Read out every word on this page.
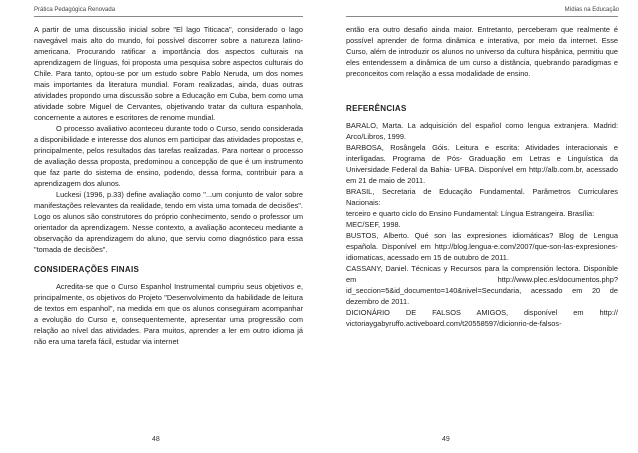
Prática Pedagógica Renovada

A partir de uma discussão inicial sobre "El lago Titicaca", considerado o lago navegável mais alto do mundo, foi possível discorrer sobre a natureza latino-americana. Procurando ratificar a importância dos aspectos culturais na aprendizagem de línguas, foi proposta uma pesquisa sobre aspectos culturais do Chile. Para tanto, optou-se por um estudo sobre Pablo Neruda, um dos nomes mais importantes da literatura mundial. Foram realizadas, ainda, duas outras atividades propondo uma discussão sobre a Educação em Cuba, bem como uma atividade sobre Miguel de Cervantes, objetivando tratar da cultura espanhola, concernente a autores e escritores de renome mundial.

O processo avaliativo aconteceu durante todo o Curso, sendo considerada a disponibilidade e interesse dos alunos em participar das atividades propostas e, principalmente, pelos resultados das tarefas realizadas. Para nortear o processo de avaliação dessa proposta, predominou a concepção de que é um instrumento que faz parte do sistema de ensino, podendo, dessa forma, contribuir para a aprendizagem dos alunos.

Luckesi (1996, p.33) define avaliação como "...um conjunto de valor sobre manifestações relevantes da realidade, tendo em vista uma tomada de decisões". Logo os alunos são construtores do próprio conhecimento, sendo o professor um orientador da aprendizagem. Nesse contexto, a avaliação aconteceu mediante a observação da aprendizagem do aluno, que serviu como diagnóstico para essa "tomada de decisões".

CONSIDERAÇÕES FINAIS

Acredita-se que o Curso Espanhol Instrumental cumpriu seus objetivos e, principalmente, os objetivos do Projeto "Desenvolvimento da habilidade de leitura de textos em espanhol", na medida em que os alunos conseguiram acompanhar a evolução do Curso e, consequentemente, apresentar uma progressão com relação ao nível das atividades. Para muitos, aprender a ler em outro idioma já não era uma tarefa fácil, estudar via internet

48
Mídias na Educação

então era outro desafio ainda maior. Entretanto, perceberam que realmente é possível aprender de forma dinâmica e interativa, por meio da internet. Esse Curso, além de introduzir os alunos no universo da cultura hispânica, permitiu que eles entendessem a dinâmica de um curso a distância, quebrando paradigmas e preconceitos com relação a essa modalidade de ensino.

REFERÊNCIAS

BARALO, Marta. La adquisición del español como lengua extranjera. Madrid: Arco/Libros, 1999.

BARBOSA, Rosângela Góis. Leitura e escrita: Atividades interacionais e interligadas. Programa de Pós- Graduação em Letras e Linguística da Universidade Federal da Bahia- UFBA. Disponível em http://alb.com.br, acessado em 21 de maio de 2011.

BRASIL, Secretaria de Educação Fundamental. Parâmetros Curriculares Nacionais:

terceiro e quarto ciclo do Ensino Fundamental: Língua Estrangeira. Brasília:

MEC/SEF, 1998.

BUSTOS, Alberto. Qué son las expresiones idiomáticas? Blog de Lengua española. Disponível em http://blog.lengua-e.com/2007/que-son-las-expresiones-idiomaticas, acessado em 15 de outubro de 2011.

CASSANY, Daniel. Técnicas y Recursos para la comprensión lectora. Disponible em http://www.plec.es/documentos.php?id_seccion=5&id_documento=140&nivel=Secundaria, acessado em 20 de dezembro de 2011.

DICIONÁRIO DE FALSOS AMIGOS, disponível em http:// victoriaygabyruffo.activeboard.com/t20558597/dicionrio-de-falsos-

49
